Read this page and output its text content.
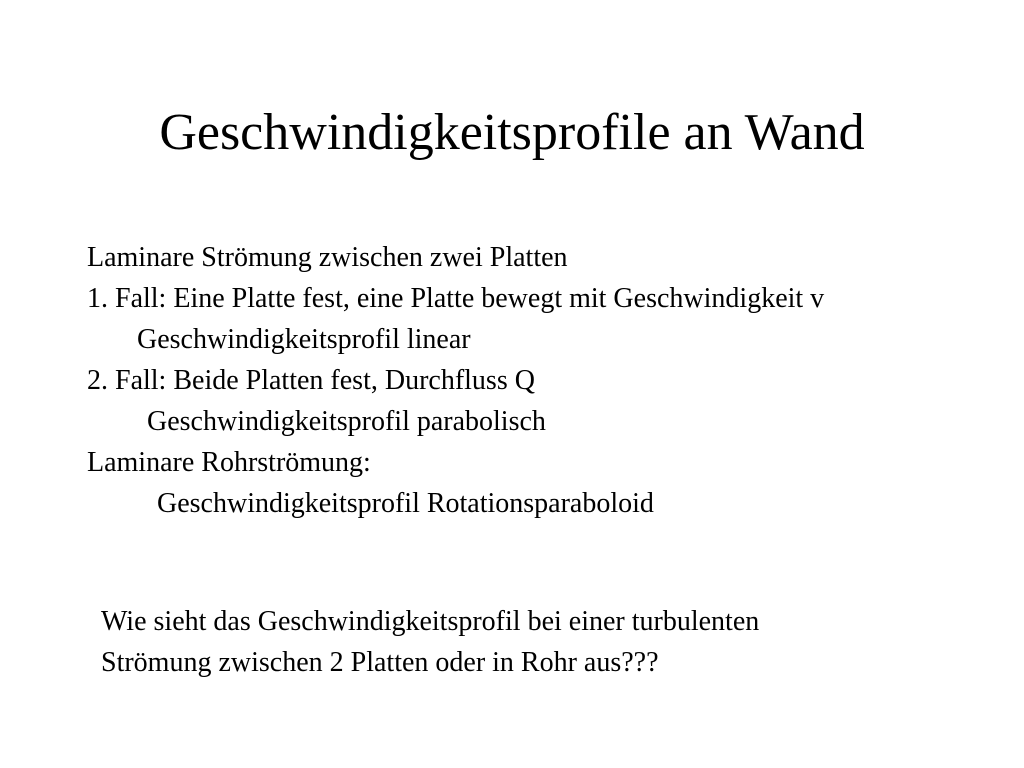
Geschwindigkeitsprofile an Wand
Laminare Strömung zwischen zwei Platten
1. Fall: Eine Platte fest, eine Platte bewegt mit Geschwindigkeit v
Geschwindigkeitsprofil linear
2. Fall: Beide Platten fest, Durchfluss Q
Geschwindigkeitsprofil parabolisch
Laminare Rohrströmung:
Geschwindigkeitsprofil Rotationsparaboloid
Wie sieht das Geschwindigkeitsprofil bei einer turbulenten
Strömung zwischen 2 Platten oder in Rohr aus???
